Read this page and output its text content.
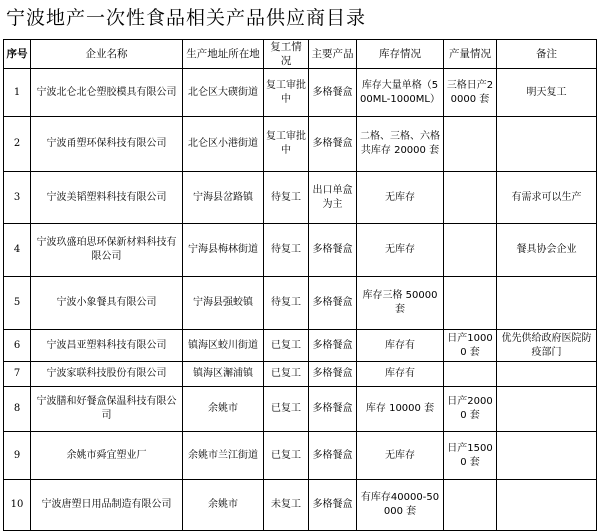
宁波地产一次性食品相关产品供应商目录
序号	企业名称	生产地址所在地	复工情况	主要产品	库存情况	产量情况	备注
1	宁波北仑北仑塑胶模具有限公司	北仑区大碶街道	复工审批中	多格餐盒	库存大量单格（500ML-1000ML）	三格日产20000 套	明天复工
2	宁波甬塑环保科技有限公司	北仑区小港街道	复工审批中	多格餐盒	二格、三格、六格共库存 20000 套		
3	宁波美韬塑料科技有限公司	宁海县岔路镇	待复工	出口单盒为主	无库存		有需求可以生产
4	宁波玖盛珀思环保新材料科技有限公司	宁海县梅林街道	待复工	多格餐盒	无库存		餐具协会企业
5	宁波小象餐具有限公司	宁海县强蛟镇	待复工	多格餐盒	库存三格 50000 套		
6	宁波昌亚塑料科技有限公司	镇海区蛟川街道	已复工	多格餐盒	库存有	日产10000 套	优先供给政府医院防疫部门
7	宁波家联科技股份有限公司	镇海区澥浦镇	已复工	多格餐盒	库存有		
8	宁波膳和好餐盒保温科技有限公司	余姚市	已复工	多格餐盒	库存 10000 套	日产20000 套	
9	余姚市舜宜塑业厂	余姚市兰江街道	已复工	多格餐盒	无库存	日产15000 套	
10	宁波唐塑日用品制造有限公司	余姚市	未复工	多格餐盒	有库存40000-50000 套		
